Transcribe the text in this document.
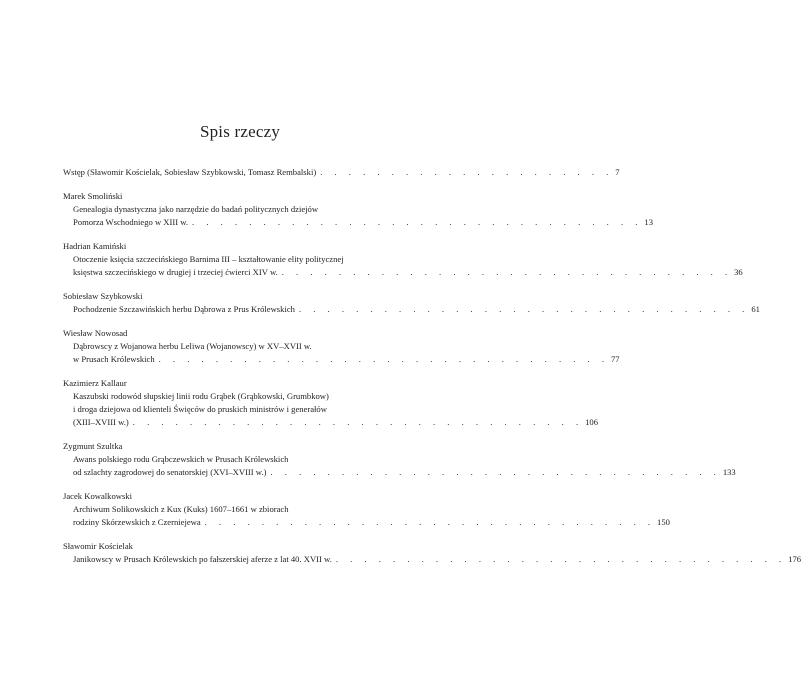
Spis rzeczy
Wstęp (Sławomir Kościelak, Sobiesław Szybkowski, Tomasz Rembalski) . . . . . . . . . . . . . . . . . . . . . 7
Marek Smoliński
Genealogia dynastyczna jako narzędzie do badań politycznych dziejów
Pomorza Wschodniego w XIII w. . . . . . . . . . . . . . . . . . . . . . . . . . . . . . . . . 13
Hadrian Kamiński
Otoczenie księcia szczecińskiego Barnima III – kształtowanie elity politycznej
księstwa szczecińskiego w drugiej i trzeciej ćwierci XIV w. . . . . . . . . . . . . . . . . . . . . . . . . . . . . . . . . 36
Sobiesław Szybkowski
Pochodzenie Szczawińskich herbu Dąbrowa z Prus Królewskich . . . . . . . . . . . . . . . . . . . . . . . . . . . . . . . . 61
Wiesław Nowosad
Dąbrowscy z Wojanowa herbu Leliwa (Wojanowscy) w XV–XVII w.
w Prusach Królewskich . . . . . . . . . . . . . . . . . . . . . . . . . . . . . . . . 77
Kazimierz Kallaur
Kaszubski rodowód słupskiej linii rodu Grąbek (Grąbkowski, Grumbkow)
i droga dziejowa od klienteli Święców do pruskich ministrów i generałów
(XIII–XVIII w.) . . . . . . . . . . . . . . . . . . . . . . . . . . . . . . . . 106
Zygmunt Szultka
Awans polskiego rodu Grąbczewskich w Prusach Królewskich
od szlachty zagrodowej do senatorskiej (XVI–XVIII w.) . . . . . . . . . . . . . . . . . . . . . . . . . . . . . . . . 133
Jacek Kowalkowski
Archiwum Solikowskich z Kux (Kuks) 1607–1661 w zbiorach
rodziny Skórzewskich z Czerniejewa . . . . . . . . . . . . . . . . . . . . . . . . . . . . . . . . 150
Sławomir Kościelak
Janikowscy w Prusach Królewskich po fałszerskiej aferze z lat 40. XVII w. . . . . . . . . . . . . . . . . . . . . . . . . . . . . . . . . 176
